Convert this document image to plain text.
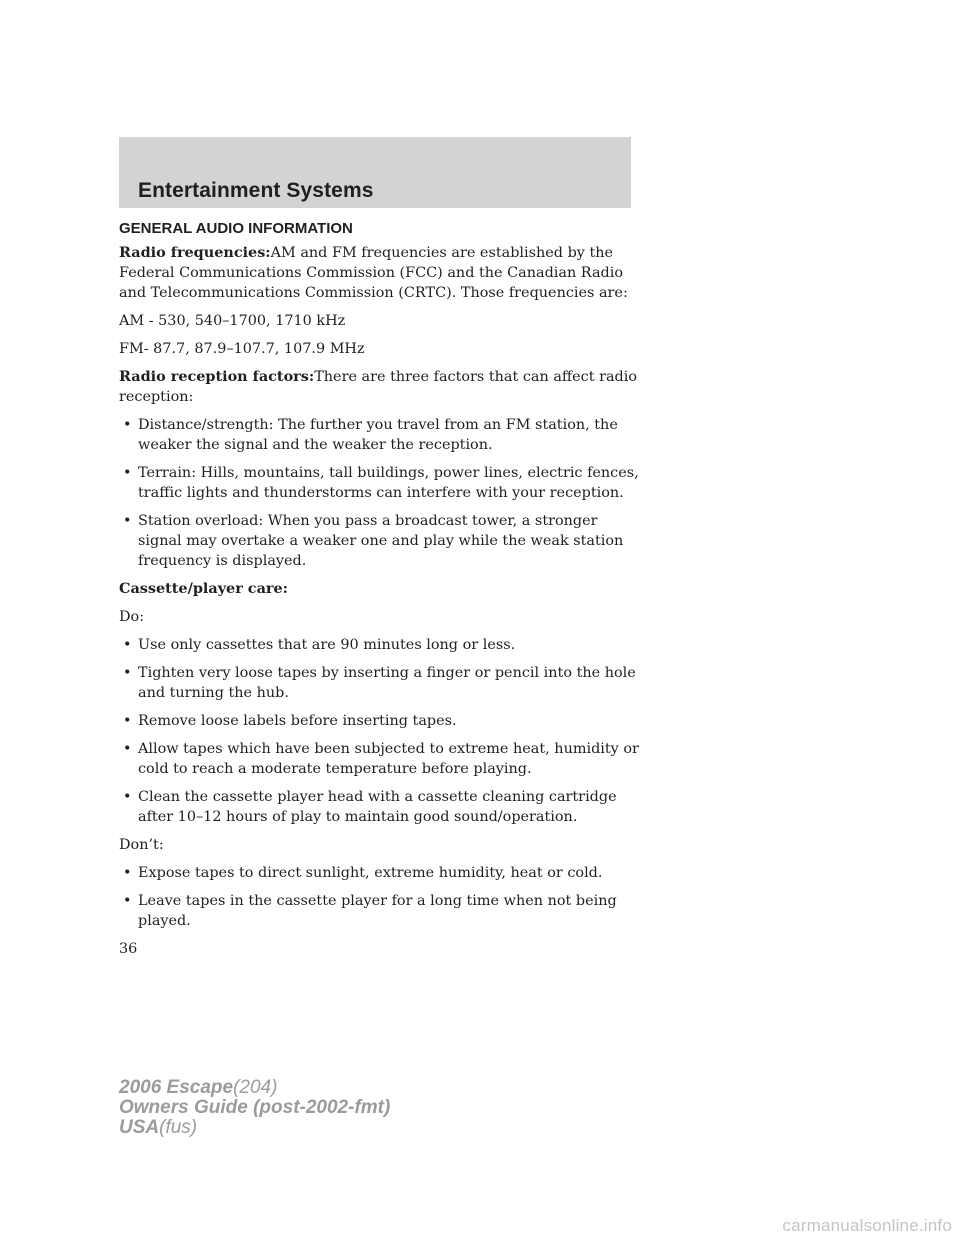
Entertainment Systems
GENERAL AUDIO INFORMATION
Radio frequencies:AM and FM frequencies are established by the Federal Communications Commission (FCC) and the Canadian Radio and Telecommunications Commission (CRTC). Those frequencies are:
AM - 530, 540–1700, 1710 kHz
FM- 87.7, 87.9–107.7, 107.9 MHz
Radio reception factors:There are three factors that can affect radio reception:
• Distance/strength: The further you travel from an FM station, the weaker the signal and the weaker the reception.
• Terrain: Hills, mountains, tall buildings, power lines, electric fences, traffic lights and thunderstorms can interfere with your reception.
• Station overload: When you pass a broadcast tower, a stronger signal may overtake a weaker one and play while the weak station frequency is displayed.
Cassette/player care:
Do:
• Use only cassettes that are 90 minutes long or less.
• Tighten very loose tapes by inserting a finger or pencil into the hole and turning the hub.
• Remove loose labels before inserting tapes.
• Allow tapes which have been subjected to extreme heat, humidity or cold to reach a moderate temperature before playing.
• Clean the cassette player head with a cassette cleaning cartridge after 10–12 hours of play to maintain good sound/operation.
Don’t:
• Expose tapes to direct sunlight, extreme humidity, heat or cold.
• Leave tapes in the cassette player for a long time when not being played.
36
2006 Escape(204)
Owners Guide (post-2002-fmt)
USA(fus)
carmanualsonline.info
